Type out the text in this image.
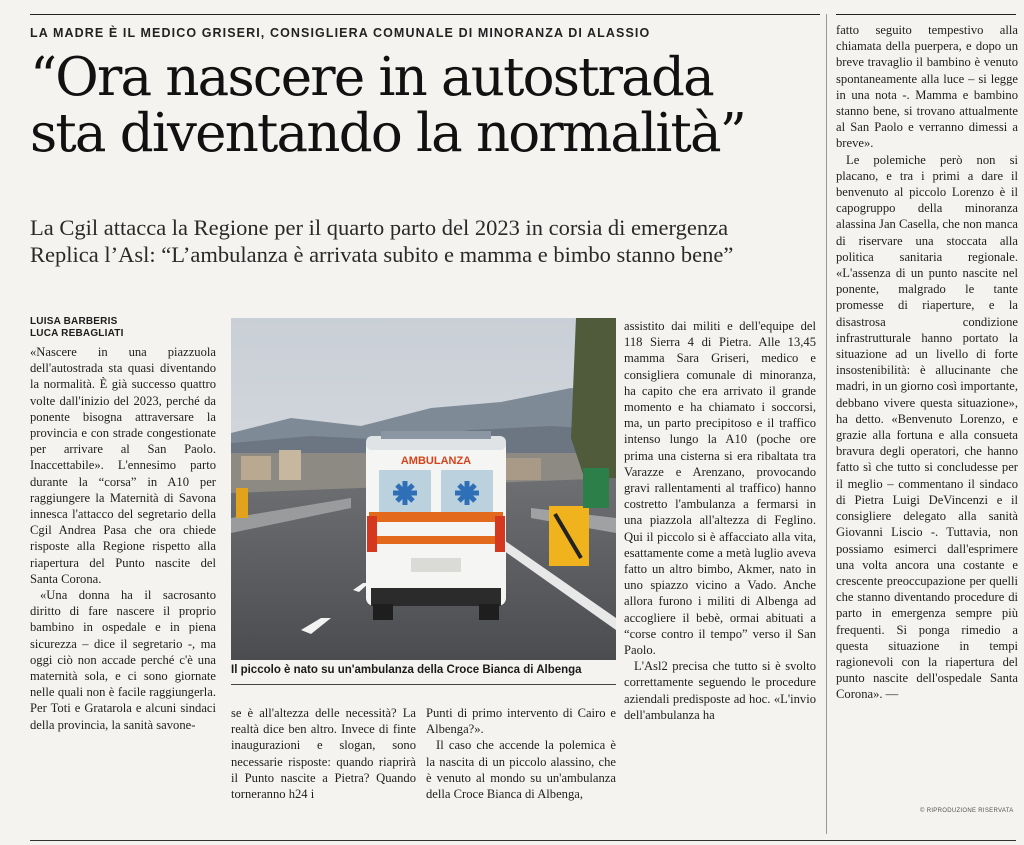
LA MADRE È IL MEDICO GRISERI, CONSIGLIERA COMUNALE DI MINORANZA DI ALASSIO
“Ora nascere in autostrada
sta diventando la normalità”
La Cgil attacca la Regione per il quarto parto del 2023 in corsia di emergenza
Replica l’Asl: “L’ambulanza è arrivata subito e mamma e bimbo stanno bene”
LUISA BARBERIS
LUCA REBAGLIATI

«Nascere in una piazzuola dell'autostrada sta quasi diventando la normalità. È già successo quattro volte dall'inizio del 2023, perché da ponente bisogna attraversare la provincia e con strade congestionate per arrivare al San Paolo. Inaccettabile». L'ennesimo parto durante la “corsa” in A10 per raggiungere la Maternità di Savona innesca l'attacco del segretario della Cgil Andrea Pasa che ora chiede risposte alla Regione rispetto alla riapertura del Punto nascite del Santa Corona.

«Una donna ha il sacrosanto diritto di fare nascere il proprio bambino in ospedale e in piena sicurezza – dice il segretario -, ma oggi ciò non accade perché c'è una maternità sola, e ci sono giornate nelle quali non è facile raggiungerla. Per Toti e Gratarola e alcuni sindaci della provincia, la sanità savone-

AMBULANZA
Il piccolo è nato su un'ambulanza della Croce Bianca di Albenga

se è all'altezza delle necessità? La realtà dice ben altro. Invece di finte inaugurazioni e slogan, sono necessarie risposte: quando riaprirà il Punto nascite a Pietra? Quando torneranno h24 i

Punti di primo intervento di Cairo e Albenga?».

Il caso che accende la polemica è la nascita di un piccolo alassino, che è venuto al mondo su un'ambulanza della Croce Bianca di Albenga,

assistito dai militi e dell'equipe del 118 Sierra 4 di Pietra. Alle 13,45 mamma Sara Griseri, medico e consigliera comunale di minoranza, ha capito che era arrivato il grande momento e ha chiamato i soccorsi, ma, un parto precipitoso e il traffico intenso lungo la A10 (poche ore prima una cisterna si era ribaltata tra Varazze e Arenzano, provocando gravi rallentamenti al traffico) hanno costretto l'ambulanza a fermarsi in una piazzola all'altezza di Feglino. Qui il piccolo si è affacciato alla vita, esattamente come a metà luglio aveva fatto un altro bimbo, Akmer, nato in uno spiazzo vicino a Vado. Anche allora furono i militi di Albenga ad accogliere il bebè, ormai abituati a “corse contro il tempo” verso il San Paolo.

L'Asl2 precisa che tutto si è svolto correttamente seguendo le procedure aziendali predisposte ad hoc. «L'invio dell'ambulanza ha

fatto seguito tempestivo alla chiamata della puerpera, e dopo un breve travaglio il bambino è venuto spontaneamente alla luce – si legge in una nota -. Mamma e bambino stanno bene, si trovano attualmente al San Paolo e verranno dimessi a breve».

Le polemiche però non si placano, e tra i primi a dare il benvenuto al piccolo Lorenzo è il capogruppo della minoranza alassina Jan Casella, che non manca di riservare una stoccata alla politica sanitaria regionale. «L'assenza di un punto nascite nel ponente, malgrado le tante promesse di riaperture, e la disastrosa condizione infrastrutturale hanno portato la situazione ad un livello di forte insostenibilità: è allucinante che madri, in un giorno così importante, debbano vivere questa situazione», ha detto. «Benvenuto Lorenzo, e grazie alla fortuna e alla consueta bravura degli operatori, che hanno fatto sì che tutto si concludesse per il meglio – commentano il sindaco di Pietra Luigi DeVincenzi e il consigliere delegato alla sanità Giovanni Liscio -. Tuttavia, non possiamo esimerci dall'esprimere una volta ancora una costante e crescente preoccupazione per quelli che stanno diventando procedure di parto in emergenza sempre più frequenti. Si ponga rimedio a questa situazione in tempi ragionevoli con la riapertura del punto nascite dell'ospedale Santa Corona». —

© RIPRODUZIONE RISERVATA
